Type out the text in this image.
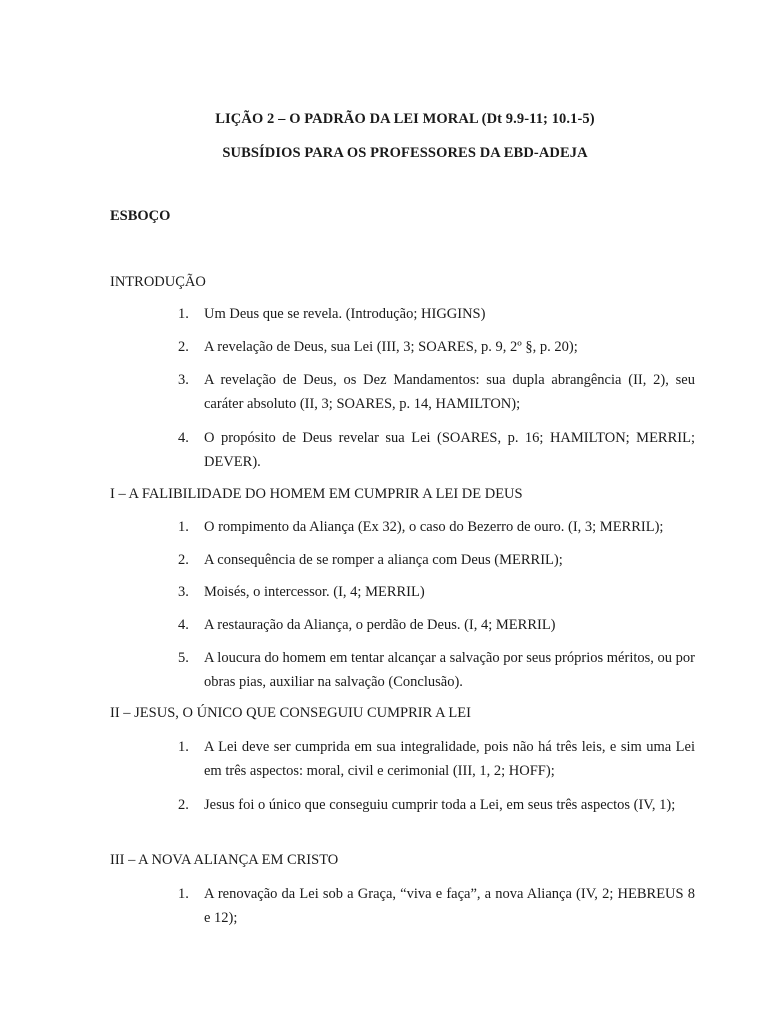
LIÇÃO 2 – O PADRÃO DA LEI MORAL (Dt 9.9-11; 10.1-5)
SUBSÍDIOS PARA OS PROFESSORES DA EBD-ADEJA
ESBOÇO
INTRODUÇÃO
1.	Um Deus que se revela. (Introdução; HIGGINS)
2.	A revelação de Deus, sua Lei (III, 3; SOARES, p. 9, 2º §, p. 20);
3.	A revelação de Deus, os Dez Mandamentos: sua dupla abrangência (II, 2), seu caráter absoluto (II, 3; SOARES, p. 14, HAMILTON);
4.	O propósito de Deus revelar sua Lei (SOARES, p. 16; HAMILTON; MERRIL; DEVER).
I – A FALIBILIDADE DO HOMEM EM CUMPRIR A LEI DE DEUS
1.	O rompimento da Aliança (Ex 32), o caso do Bezerro de ouro. (I, 3; MERRIL);
2.	A consequência de se romper a aliança com Deus (MERRIL);
3.	Moisés, o intercessor. (I, 4; MERRIL)
4.	A restauração da Aliança, o perdão de Deus. (I, 4; MERRIL)
5.	A loucura do homem em tentar alcançar a salvação por seus próprios méritos, ou por obras pias, auxiliar na salvação (Conclusão).
II – JESUS, O ÚNICO QUE CONSEGUIU CUMPRIR A LEI
1.	A Lei deve ser cumprida em sua integralidade, pois não há três leis, e sim uma Lei em três aspectos: moral, civil e cerimonial (III, 1, 2; HOFF);
2.	Jesus foi o único que conseguiu cumprir toda a Lei, em seus três aspectos (IV, 1);
III – A NOVA ALIANÇA EM CRISTO
1.	A renovação da Lei sob a Graça, “viva e faça”, a nova Aliança (IV, 2; HEBREUS 8 e 12);
